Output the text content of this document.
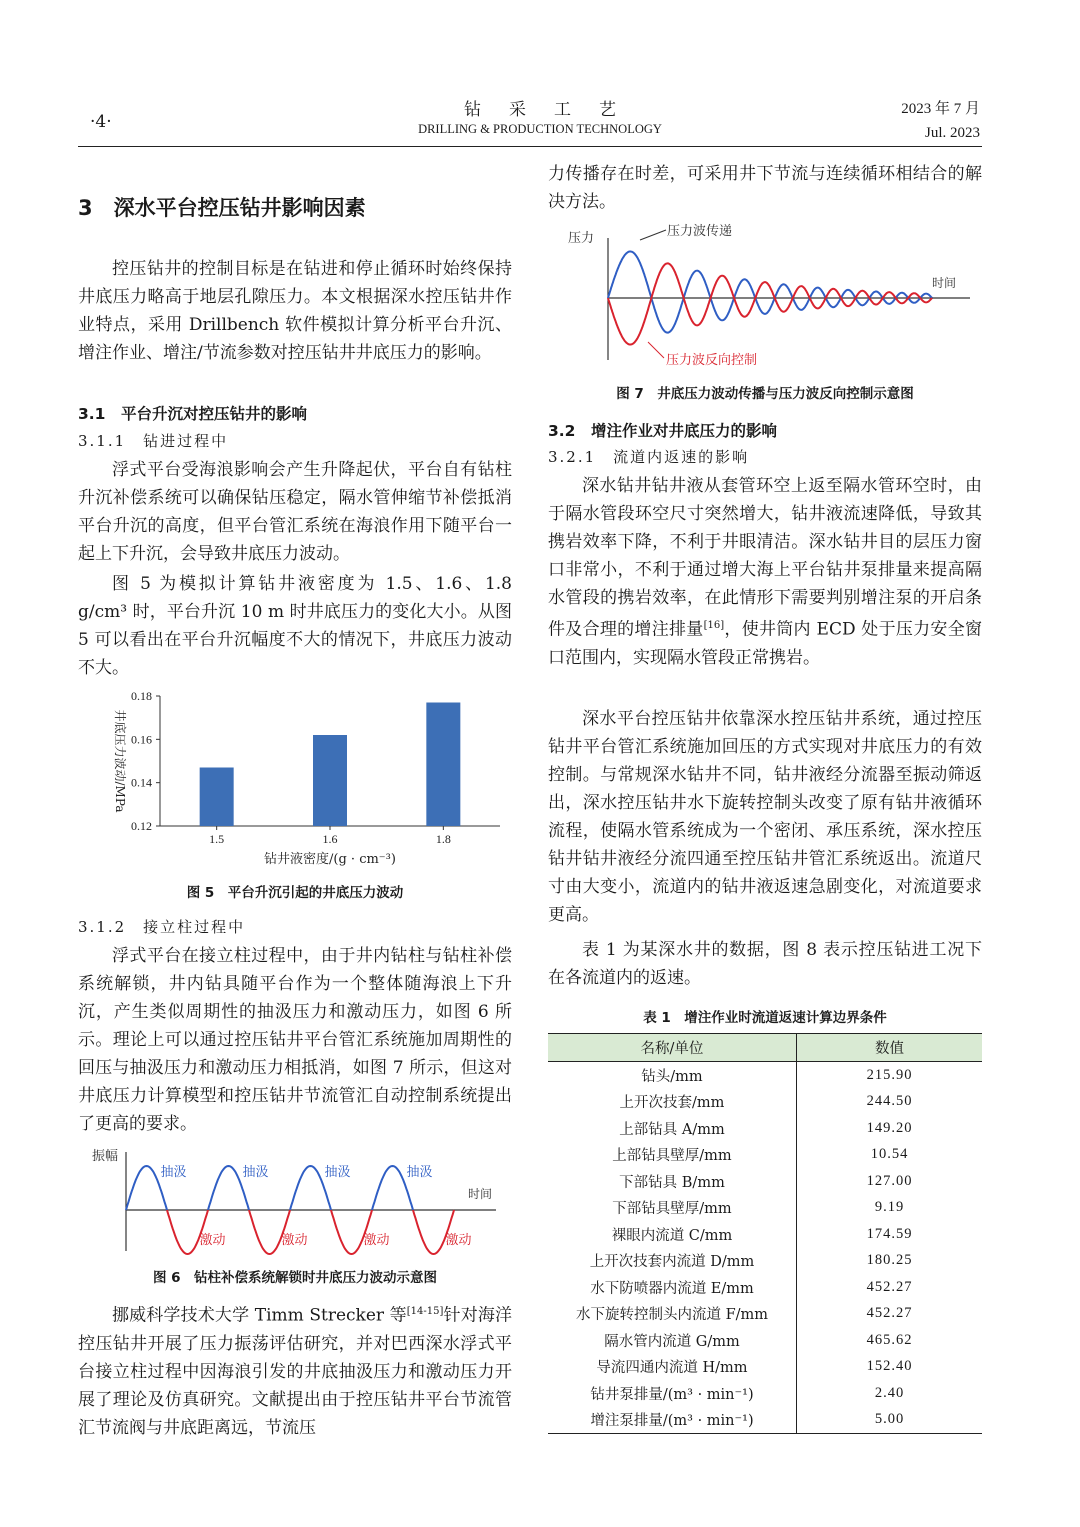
·4·
钻采工艺
DRILLING & PRODUCTION TECHNOLOGY
2023 年 7 月
Jul. 2023
3　深水平台控压钻井影响因素

控压钻井的控制目标是在钻进和停止循环时始终保持井底压力略高于地层孔隙压力。本文根据深水控压钻井作业特点，采用 Drillbench 软件模拟计算分析平台升沉、增注作业、增注/节流参数对控压钻井井底压力的影响。

3.1　平台升沉对控压钻井的影响
3.1.1　钻进过程中

浮式平台受海浪影响会产生升降起伏，平台自有钻柱升沉补偿系统可以确保钻压稳定，隔水管伸缩节补偿抵消平台升沉的高度，但平台管汇系统在海浪作用下随平台一起上下升沉，会导致井底压力波动。

图 5 为模拟计算钻井液密度为 1.5、1.6、1.8 g/cm³ 时，平台升沉 10 m 时井底压力的变化大小。从图 5 可以看出在平台升沉幅度不大的情况下，井底压力波动不大。

0.12
0.14
0.16
0.18
1.5	1.6	1.8
钻井液密度/(g · cm⁻³)
井底压力波动/MPa
图 5　平台升沉引起的井底压力波动
3.1.2　接立柱过程中

浮式平台在接立柱过程中，由于井内钻柱与钻柱补偿系统解锁，井内钻具随平台作为一个整体随海浪上下升沉，产生类似周期性的抽汲压力和激动压力，如图 6 所示。理论上可以通过控压钻井平台管汇系统施加周期性的回压与抽汲压力和激动压力相抵消，如图 7 所示，但这对井底压力计算模型和控压钻井节流管汇自动控制系统提出了更高的要求。

振幅
时间
抽汲
激动
抽汲
激动
抽汲
激动
抽汲
激动
图 6　钻柱补偿系统解锁时井底压力波动示意图

挪威科学技术大学 Timm Strecker 等[14-15]针对海洋控压钻井开展了压力振荡评估研究，并对巴西深水浮式平台接立柱过程中因海浪引发的井底抽汲压力和激动压力开展了理论及仿真研究。文献提出由于控压钻井平台节流管汇节流阀与井底距离远，节流压

力传播存在时差，可采用井下节流与连续循环相结合的解决方法。

压力
时间
压力波传递
压力波反向控制
图 7　井底压力波动传播与压力波反向控制示意图
3.2　增注作业对井底压力的影响
3.2.1　流道内返速的影响

深水钻井钻井液从套管环空上返至隔水管环空时，由于隔水管段环空尺寸突然增大，钻井液流速降低，导致其携岩效率下降，不利于井眼清洁。深水钻井目的层压力窗口非常小，不利于通过增大海上平台钻井泵排量来提高隔水管段的携岩效率，在此情形下需要判别增注泵的开启条件及合理的增注排量[16]，使井筒内 ECD 处于压力安全窗口范围内，实现隔水管段正常携岩。

深水平台控压钻井依靠深水控压钻井系统，通过控压钻井平台管汇系统施加回压的方式实现对井底压力的有效控制。与常规深水钻井不同，钻井液经分流器至振动筛返出，深水控压钻井水下旋转控制头改变了原有钻井液循环流程，使隔水管系统成为一个密闭、承压系统，深水控压钻井钻井液经分流四通至控压钻井管汇系统返出。流道尺寸由大变小，流道内的钻井液返速急剧变化，对流道要求更高。

表 1 为某深水井的数据，图 8 表示控压钻进工况下在各流道内的返速。

表 1　增注作业时流道返速计算边界条件
名称/单位	数值
钻头/mm	215.90
上开次技套/mm	244.50
上部钻具 A/mm	149.20
上部钻具壁厚/mm	10.54
下部钻具 B/mm	127.00
下部钻具壁厚/mm	9.19
裸眼内流道 C/mm	174.59
上开次技套内流道 D/mm	180.25
水下防喷器内流道 E/mm	452.27
水下旋转控制头内流道 F/mm	452.27
隔水管内流道 G/mm	465.62
导流四通内流道 H/mm	152.40
钻井泵排量/(m³ · min⁻¹)	2.40
增注泵排量/(m³ · min⁻¹)	5.00
